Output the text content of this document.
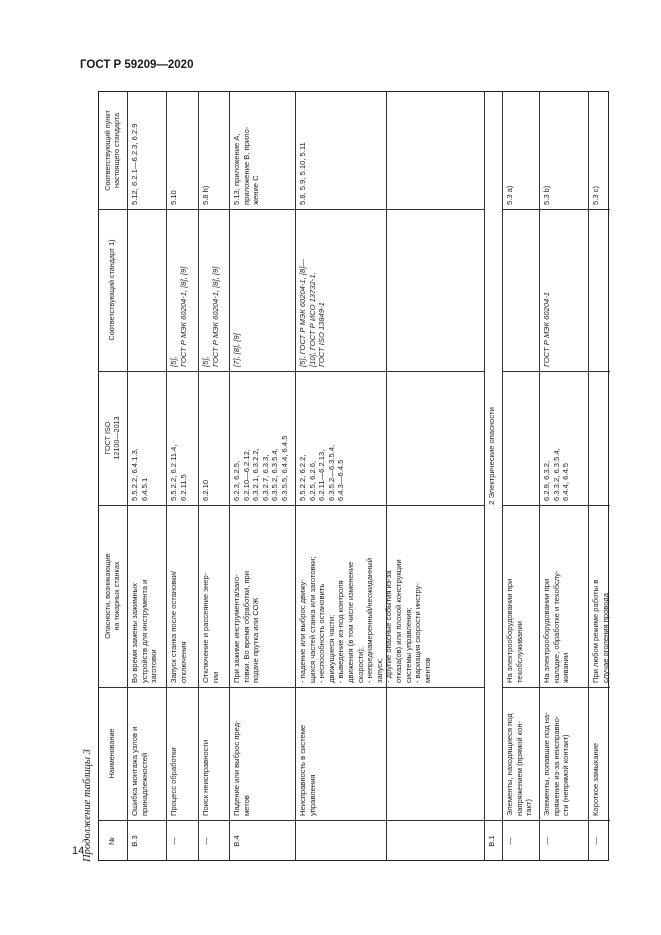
ГОСТ Р 59209—2020
Продолжение таблицы 3
14
№
Наименование
Опасности, возникающие на токарных станках
ГОСТ ISO 12100—2013
Соответствующий стандарт 1)
Соответствующий пункт настоящего стандарта
В.3
Ошибка монтажа узлов и принадлежностей
Во время замены зажимных устройств для инструмента и заготовки
5.5.2.2, 6.4.1.3, 6.4.5.1
5.12, 6.2.1—6.2.3, 6.2.9
—
Процесс обработки
Запуск станка после остановки/ отключения
5.5.2.2, 6.2.11.4, 6.2.11.5
[5], ГОСТ Р МЭК 60204-1, [8], [9]
5.10
—
Поиск неисправности
Отключение и рассеяние энер- гии
6.2.10
[5], ГОСТ Р МЭК 60204-1, [8], [9]
5.8 h)
В.4
Падение или выброс пред- метов
При зажиме инструмента/заго- товки. Во время обработки, при подаче прутка или СОЖ
6.2.3, 6.2.5, 6.2.10—6.2.12, 6.3.2.1, 6.3.2.2, 6.3.2.7, 6.3.3, 6.3.5.2, 6.3.5.4, 6.3.5.5, 6.4.4, 6.4.5
[7], [8], [9]
5.13, приложение А, приложение В, прило- жение С
Неисправность в системе управления
- падение или выброс движу- щихся частей станка или заготовки; - неспособность остановить движущиеся части; - выведение из-под контроля движения (в том числе изменение скорости); - непреднамеренный/неожиданный запуск; - другие опасные события из-за отказа(ов) или плохой конструкции системы управления; - вариация скорости инстру- ментов
5.5.2.2, 6.2.2, 6.2.5, 6.2.6, 6.2.11—6.2.13, 6.3.5.2—6.3.5.4, 6.4.3—6.4.5
[5], ГОСТ Р МЭК 60204-1, [8]— [10], ГОСТ Р ИСО 13732-1, ГОСТ ISO 13849-1
5.8, 5.9, 5.10, 5.11
В.1
2 Электрические опасности
—
Элементы, находящиеся под напряжением (прямой кон- такт)
На электрооборудовании при техобслуживании
5.3 a)
—
Элементы, попавшие под на- пряжение из-за неисправно- сти (непрямой контакт)
На электрооборудовании при наладке, обработке и техобслу- живании
6.2.9, 6.3.2, 6.3.3.2, 6.3.5.4, 6.4.4, 6.4.5
ГОСТ Р МЭК 60204-1
5.3 b)
—
Короткое замыкание
При любом режиме работы в случае оголения провода
5.3 c)
